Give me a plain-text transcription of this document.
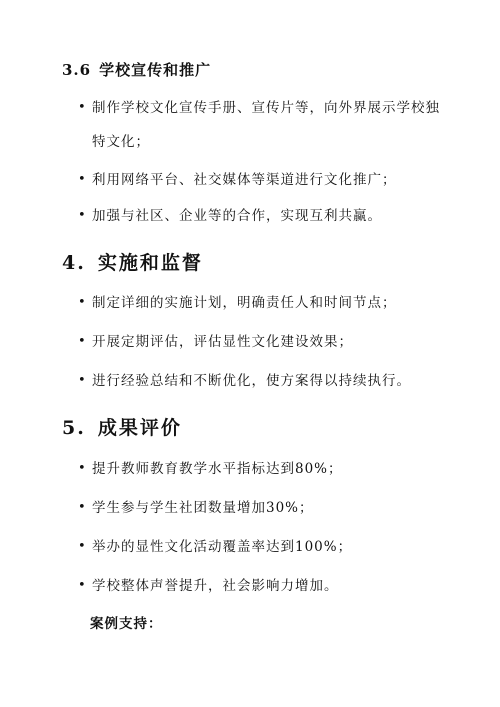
3.6 学校宣传和推广
• 制作学校文化宣传手册、宣传片等，向外界展示学校独特文化；
• 利用网络平台、社交媒体等渠道进行文化推广；
• 加强与社区、企业等的合作，实现互利共赢。
4. 实施和监督
• 制定详细的实施计划，明确责任人和时间节点；
• 开展定期评估，评估显性文化建设效果；
• 进行经验总结和不断优化，使方案得以持续执行。
5. 成果评价
• 提升教师教育教学水平指标达到80%；
• 学生参与学生社团数量增加30%；
• 举办的显性文化活动覆盖率达到100%；
• 学校整体声誉提升，社会影响力增加。
案例支持：
